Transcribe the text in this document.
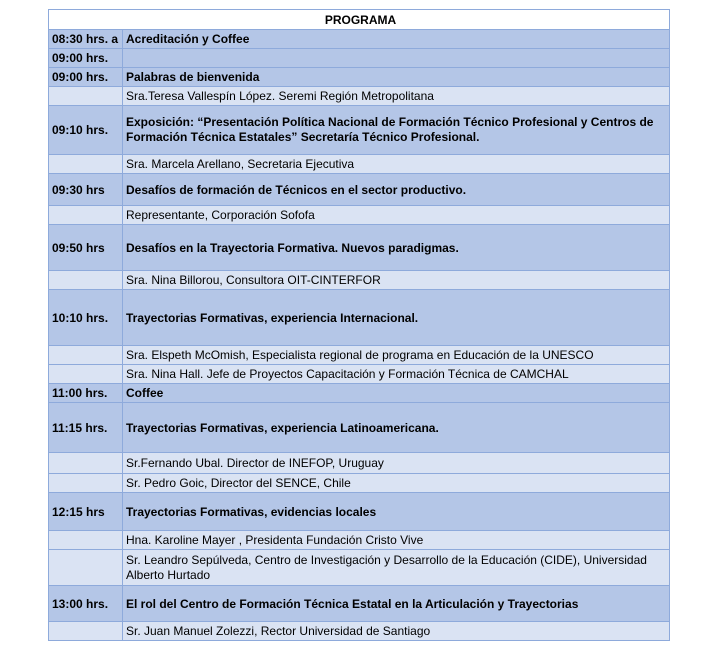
PROGRAMA	
08:30 hrs. a	Acreditación y Coffee
09:00 hrs.	
09:00 hrs.	Palabras de bienvenida
	Sra.Teresa Vallespín López. Seremi Región Metropolitana
09:10 hrs.	Exposición: “Presentación Política Nacional de Formación Técnico Profesional y Centros de Formación Técnica Estatales” Secretaría Técnico Profesional.
	Sra. Marcela Arellano, Secretaria Ejecutiva
09:30 hrs	Desafíos de formación de Técnicos en el sector productivo.
	Representante, Corporación Sofofa
09:50 hrs	Desafíos en la Trayectoria Formativa. Nuevos paradigmas.
	Sra. Nina Billorou, Consultora OIT-CINTERFOR
10:10 hrs.	Trayectorias Formativas, experiencia Internacional.
	Sra. Elspeth McOmish, Especialista regional de programa en Educación de la UNESCO
	Sra. Nina Hall. Jefe de Proyectos Capacitación y Formación Técnica de CAMCHAL
11:00 hrs.	Coffee
11:15 hrs.	Trayectorias Formativas, experiencia Latinoamericana.
	Sr.Fernando Ubal. Director de INEFOP, Uruguay
	Sr. Pedro Goic, Director del SENCE, Chile
12:15 hrs	Trayectorias Formativas, evidencias locales
	Hna. Karoline Mayer , Presidenta Fundación Cristo Vive
	Sr. Leandro Sepúlveda, Centro de Investigación y Desarrollo de la Educación (CIDE), Universidad Alberto Hurtado
13:00 hrs.	El rol del Centro de Formación Técnica Estatal en la Articulación y Trayectorias
	Sr. Juan Manuel Zolezzi, Rector Universidad de Santiago
